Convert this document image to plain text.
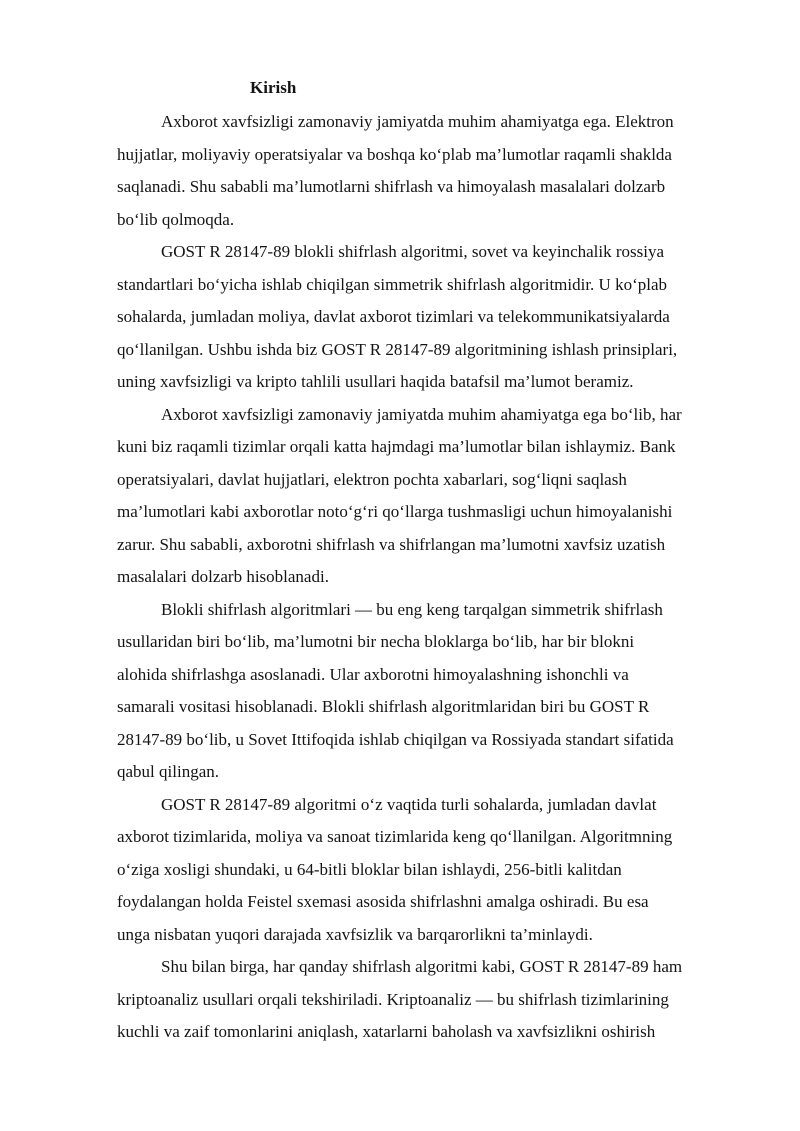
Kirish

Axborot xavfsizligi zamonaviy jamiyatda muhim ahamiyatga ega. Elektron
hujjatlar, moliyaviy operatsiyalar va boshqa ko‘plab ma’lumotlar raqamli shaklda
saqlanadi. Shu sababli ma’lumotlarni shifrlash va himoyalash masalalari dolzarb
bo‘lib qolmoqda.

GOST R 28147-89 blokli shifrlash algoritmi, sovet va keyinchalik rossiya
standartlari bo‘yicha ishlab chiqilgan simmetrik shifrlash algoritmidir. U ko‘plab
sohalarda, jumladan moliya, davlat axborot tizimlari va telekommunikatsiyalarda
qo‘llanilgan. Ushbu ishda biz GOST R 28147-89 algoritmining ishlash prinsiplari,
uning xavfsizligi va kripto tahlili usullari haqida batafsil ma’lumot beramiz.

Axborot xavfsizligi zamonaviy jamiyatda muhim ahamiyatga ega bo‘lib, har
kuni biz raqamli tizimlar orqali katta hajmdagi ma’lumotlar bilan ishlaymiz. Bank
operatsiyalari, davlat hujjatlari, elektron pochta xabarlari, sog‘liqni saqlash
ma’lumotlari kabi axborotlar noto‘g‘ri qo‘llarga tushmasligi uchun himoyalanishi
zarur. Shu sababli, axborotni shifrlash va shifrlangan ma’lumotni xavfsiz uzatish
masalalari dolzarb hisoblanadi.

Blokli shifrlash algoritmlari — bu eng keng tarqalgan simmetrik shifrlash
usullaridan biri bo‘lib, ma’lumotni bir necha bloklarga bo‘lib, har bir blokni
alohida shifrlashga asoslanadi. Ular axborotni himoyalashning ishonchli va
samarali vositasi hisoblanadi. Blokli shifrlash algoritmlaridan biri bu GOST R
28147-89 bo‘lib, u Sovet Ittifoqida ishlab chiqilgan va Rossiyada standart sifatida
qabul qilingan.

GOST R 28147-89 algoritmi o‘z vaqtida turli sohalarda, jumladan davlat
axborot tizimlarida, moliya va sanoat tizimlarida keng qo‘llanilgan. Algoritmning
o‘ziga xosligi shundaki, u 64-bitli bloklar bilan ishlaydi, 256-bitli kalitdan
foydalangan holda Feistel sxemasi asosida shifrlashni amalga oshiradi. Bu esa
unga nisbatan yuqori darajada xavfsizlik va barqarorlikni ta’minlaydi.

Shu bilan birga, har qanday shifrlash algoritmi kabi, GOST R 28147-89 ham
kriptoanaliz usullari orqali tekshiriladi. Kriptoanaliz — bu shifrlash tizimlarining
kuchli va zaif tomonlarini aniqlash, xatarlarni baholash va xavfsizlikni oshirish
